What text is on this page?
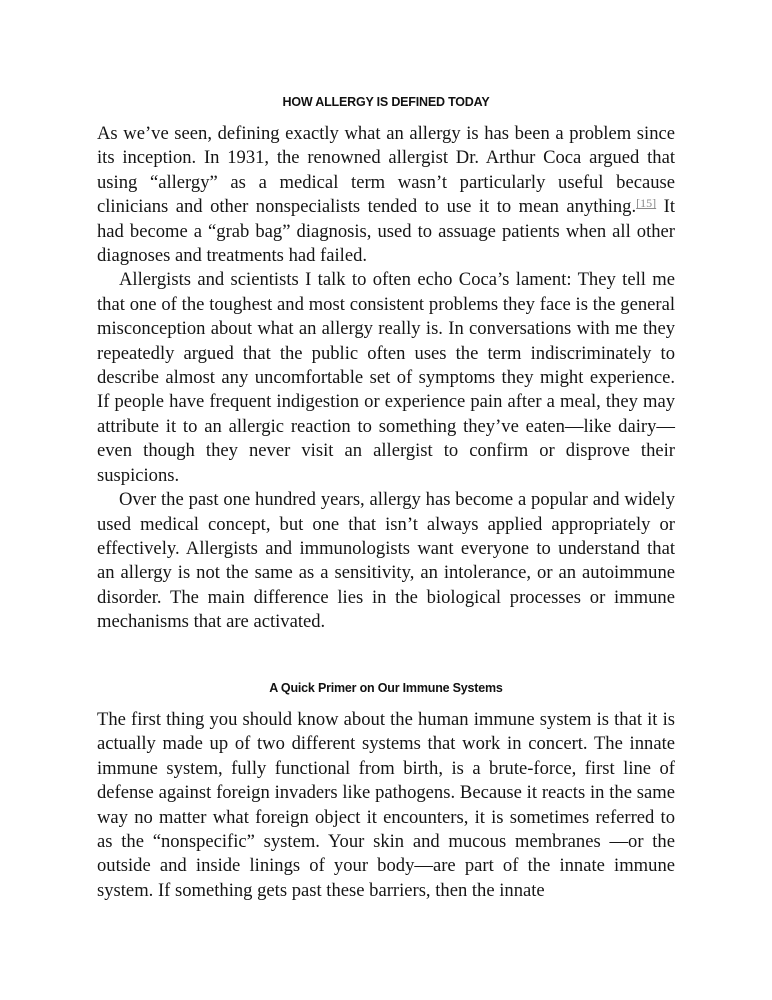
HOW ALLERGY IS DEFINED TODAY

As we’ve seen, defining exactly what an allergy is has been a problem since its inception. In 1931, the renowned allergist Dr. Arthur Coca argued that using “allergy” as a medical term wasn’t particularly useful because clinicians and other nonspecialists tended to use it to mean anything.[15] It had become a “grab bag” diagnosis, used to assuage patients when all other diagnoses and treatments had failed.

Allergists and scientists I talk to often echo Coca’s lament: They tell me that one of the toughest and most consistent problems they face is the general misconception about what an allergy really is. In conversations with me they repeatedly argued that the public often uses the term indiscriminately to describe almost any uncomfortable set of symptoms they might experience. If people have frequent indigestion or experience pain after a meal, they may attribute it to an allergic reaction to something they’ve eaten—like dairy—even though they never visit an allergist to confirm or disprove their suspicions.

Over the past one hundred years, allergy has become a popular and widely used medical concept, but one that isn’t always applied appropriately or effectively. Allergists and immunologists want everyone to understand that an allergy is not the same as a sensitivity, an intolerance, or an autoimmune disorder. The main difference lies in the biological processes or immune mechanisms that are activated.

A Quick Primer on Our Immune Systems

The first thing you should know about the human immune system is that it is actually made up of two different systems that work in concert. The innate immune system, fully functional from birth, is a brute-force, first line of defense against foreign invaders like pathogens. Because it reacts in the same way no matter what foreign object it encounters, it is sometimes referred to as the “nonspecific” system. Your skin and mucous membranes —or the outside and inside linings of your body—are part of the innate immune system. If something gets past these barriers, then the innate
